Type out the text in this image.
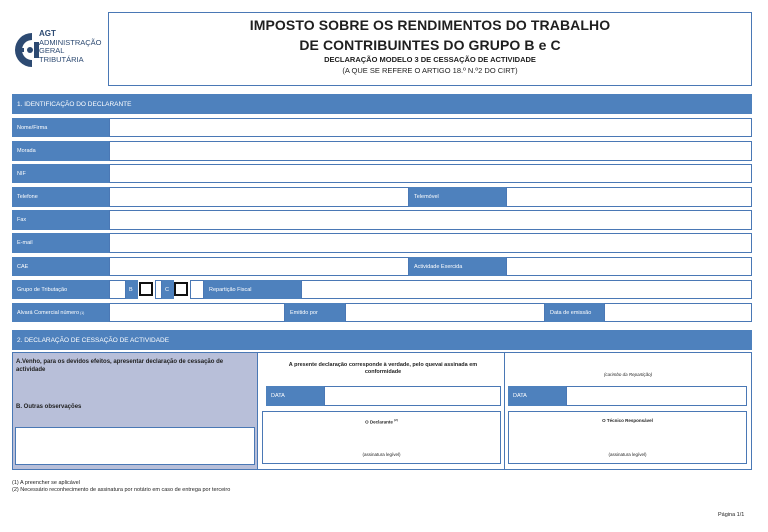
AGT
ADMINISTRAÇÃO
GERAL
TRIBUTÁRIA
IMPOSTO SOBRE OS RENDIMENTOS DO TRABALHO
DE CONTRIBUINTES DO GRUPO B e C
DECLARAÇÃO MODELO 3 DE CESSAÇÃO DE ACTIVIDADE
(A QUE SE REFERE O ARTIGO 18.º N.º2 DO CIRT)
1. IDENTIFICAÇÃO DO DECLARANTE
Nome/Firma
Morada
NIF
Telefone	Telemóvel
Fax
E-mail
CAE	Actividade Exercida
Grupo de Tributação	B	C	Repartição Fiscal
Alvará Comercial número (1)	Emitido por	Data de emissão
2. DECLARAÇÃO DE CESSAÇÃO DE ACTIVIDADE
A.Venho, para os devidos efeitos, apresentar declaração de cessação de actividade
B. Outras observações
A presente declaração corresponde à verdade, pelo quevai assinada em conformidade
DATA
O Declarante $^{(2)}$
(assinatura legível)
(carimbo da Repartição)
DATA
O Técnico Responsável
(assinatura legível)
(1) A preencher se aplicável
(2) Necessário reconhecimento de assinatura por notário em caso de entrega por terceiro
Página 1/1
